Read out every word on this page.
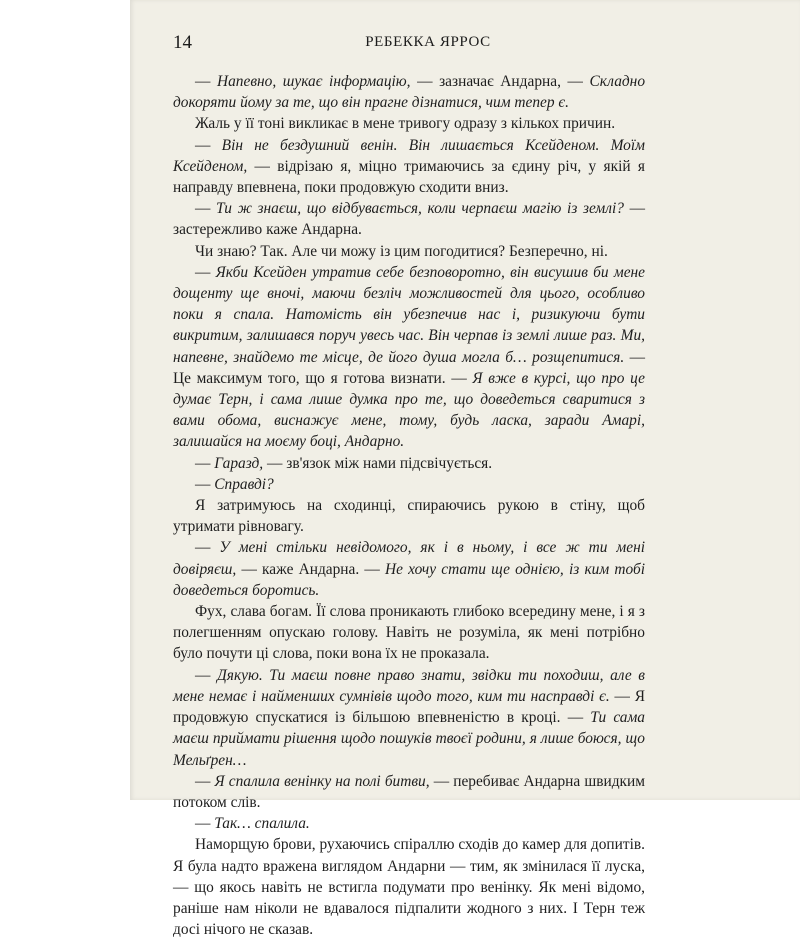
14	РЕБЕККА ЯРРОС

— Напевно, шукає інформацію, — зазначає Андарна, — Складно докоряти йому за те, що він прагне дізнатися, чим тепер є.

Жаль у її тоні викликає в мене тривогу одразу з кількох причин.

— Він не бездушний венін. Він лишається Ксейденом. Моїм Ксейденом, — відрізаю я, міцно тримаючись за єдину річ, у якій я направду впевнена, поки продовжую сходити вниз.

— Ти ж знаєш, що відбувається, коли черпаєш магію із землі? — застережливо каже Андарна.

Чи знаю? Так. Але чи можу із цим погодитися? Безперечно, ні.

— Якби Ксейден утратив себе безповоротно, він висушив би мене дощенту ще вночі, маючи безліч можливостей для цього, особливо поки я спала. Натомість він убезпечив нас і, ризикуючи бути викритим, залишався поруч увесь час. Він черпав із землі лише раз. Ми, напевне, знайдемо те місце, де його душа могла б… розщепитися. — Це максимум того, що я готова визнати. — Я вже в курсі, що про це думає Терн, і сама лише думка про те, що доведеться сваритися з вами обома, виснажує мене, тому, будь ласка, заради Амарі, залишайся на моєму боці, Андарно.

— Гаразд, — зв'язок між нами підсвічується.

— Справді?

Я затримуюсь на сходинці, спираючись рукою в стіну, щоб утримати рівновагу.

— У мені стільки невідомого, як і в ньому, і все ж ти мені довіряєш, — каже Андарна. — Не хочу стати ще однією, із ким тобі доведеться боротись.

Фух, слава богам. Її слова проникають глибоко всередину мене, і я з полегшенням опускаю голову. Навіть не розуміла, як мені потрібно було почути ці слова, поки вона їх не проказала.

— Дякую. Ти маєш повне право знати, звідки ти походиш, але в мене немає і найменших сумнівів щодо того, ким ти насправді є. — Я продовжую спускатися із більшою впевненістю в кроці. — Ти сама маєш приймати рішення щодо пошуків твоєї родини, я лише боюся, що Мельґрен…

— Я спалила венінку на полі битви, — перебиває Андарна швидким потоком слів.

— Так… спалила.

Наморщую брови, рухаючись спіраллю сходів до камер для допитів. Я була надто вражена виглядом Андарни — тим, як змінилася її луска, — що якось навіть не встигла подумати про венінку. Як мені відомо, раніше нам ніколи не вдавалося підпалити жодного з них. І Терн теж досі нічого не сказав.
